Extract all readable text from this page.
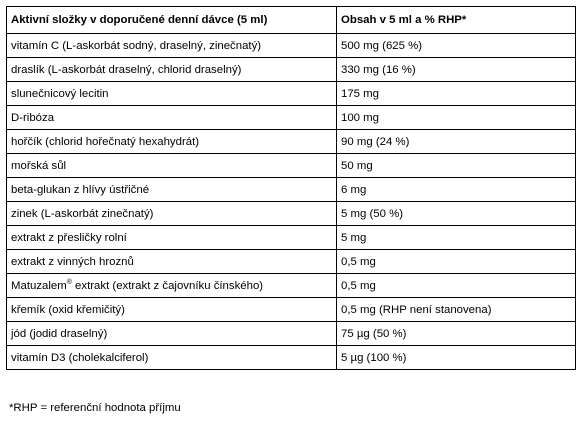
Aktivní složky v doporučené denní dávce (5 ml)	Obsah v 5 ml a % RHP*
vitamín C (L-askorbát sodný, draselný, zinečnatý)	500 mg (625 %)
draslík (L-askorbát draselný, chlorid draselný)	330 mg (16 %)
slunečnicový lecitin	175 mg
D-ribóza	100 mg
hořčík (chlorid hořečnatý hexahydrát)	90 mg (24 %)
mořská sůl	50 mg
beta-glukan z hlívy ústřičné	6 mg
zinek (L-askorbát zinečnatý)	5 mg (50 %)
extrakt z přesličky rolní	5 mg
extrakt z vinných hroznů	0,5 mg
Matuzalem® extrakt (extrakt z čajovníku čínského)	0,5 mg
křemík (oxid křemičitý)	0,5 mg (RHP není stanovena)
jód (jodid draselný)	75 µg (50 %)
vitamín D3 (cholekalciferol)	5 µg (100 %)
*RHP = referenční hodnota příjmu
